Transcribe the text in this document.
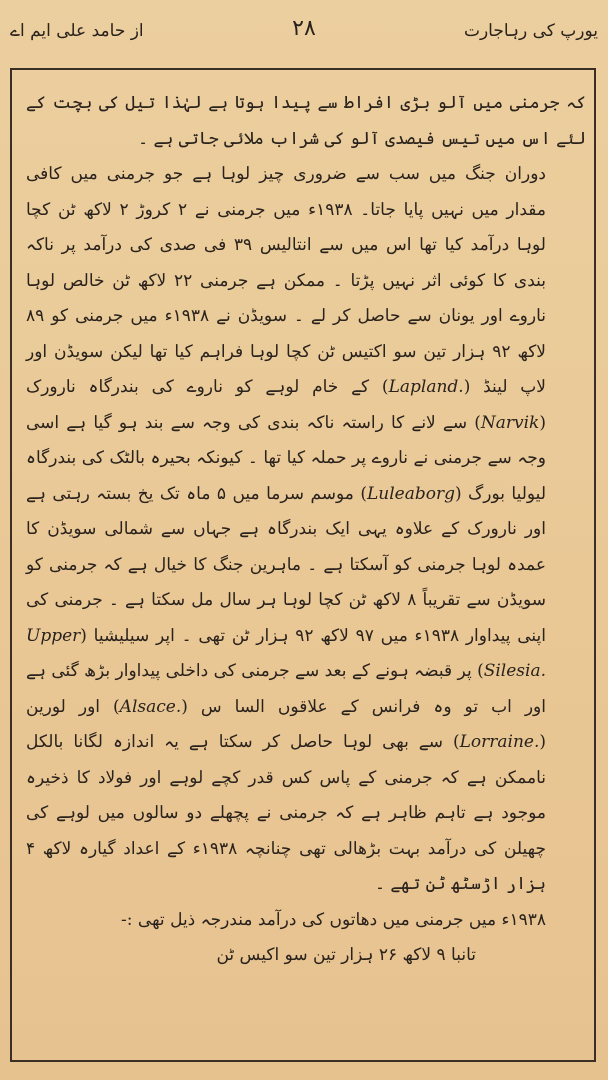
یورپ کی رہاجارت
۲۸
از حامد علی ایم اے

کہ جرمنی میں آلو بڑی افراط سے پیدا ہوتا ہے لہٰذا تیل کی بچت کے لئے اس میں تیس فیصدی آلو کی شراب ملائی جاتی ہے ۔

دوران جنگ میں سب سے ضروری چیز لوہا ہے جو جرمنی میں کافی مقدار میں نہیں پایا جاتا۔ ۱۹۳۸ء میں جرمنی نے ۲ کروڑ ۲ لاکھ ٹن کچا لوہا درآمد کیا تھا اس میں سے انتالیس ۳۹ فی صدی کی درآمد پر ناکہ بندی کا کوئی اثر نہیں پڑتا ۔ ممکن ہے جرمنی ۲۲ لاکھ ٹن خالص لوہا ناروے اور یونان سے حاصل کر لے ۔ سویڈن نے ۱۹۳۸ء میں جرمنی کو ۸۹ لاکھ ۹۲ ہزار تین سو اکتیس ٹن کچا لوہا فراہم کیا تھا لیکن سویڈن اور لاپ لینڈ (Lapland.) کے خام لوہے کو ناروے کی بندرگاہ نارورک (Narvik) سے لانے کا راستہ ناکہ بندی کی وجہ سے بند ہو گیا ہے اسی وجہ سے جرمنی نے ناروے پر حملہ کیا تھا ۔ کیونکہ بحیرہ بالٹک کی بندرگاہ لیولیا بورگ (Luleaborg) موسم سرما میں ۵ ماہ تک یخ بستہ رہتی ہے اور نارورک کے علاوہ یہی ایک بندرگاہ ہے جہاں سے شمالی سویڈن کا عمدہ لوہا جرمنی کو آسکتا ہے ۔ ماہرین جنگ کا خیال ہے کہ جرمنی کو سویڈن سے تقریباً ۸ لاکھ ٹن کچا لوہا ہر سال مل سکتا ہے ۔ جرمنی کی اپنی پیداوار ۱۹۳۸ء میں ۹۷ لاکھ ۹۲ ہزار ٹن تھی ۔ اپر سیلیشیا (Upper Silesia.) پر قبضہ ہونے کے بعد سے جرمنی کی داخلی پیداوار بڑھ گئی ہے اور اب تو وہ فرانس کے علاقوں السا س (Alsace.) اور لورین (Lorraine.) سے بھی لوہا حاصل کر سکتا ہے یہ اندازہ لگانا بالکل ناممکن ہے کہ جرمنی کے پاس کس قدر کچے لوہے اور فولاد کا ذخیرہ موجود ہے تاہم ظاہر ہے کہ جرمنی نے پچھلے دو سالوں میں لوہے کی چھیلن کی درآمد بہت بڑھالی تھی چنانچہ ۱۹۳۸ء کے اعداد گیارہ لاکھ ۴ ہزار اڑسٹھ ٹن تھے ۔

۱۹۳۸ء میں جرمنی میں دھاتوں کی درآمد مندرجہ ذیل تھی :-

تانبا ۹ لاکھ ۲۶ ہزار تین سو اکیس ٹن
